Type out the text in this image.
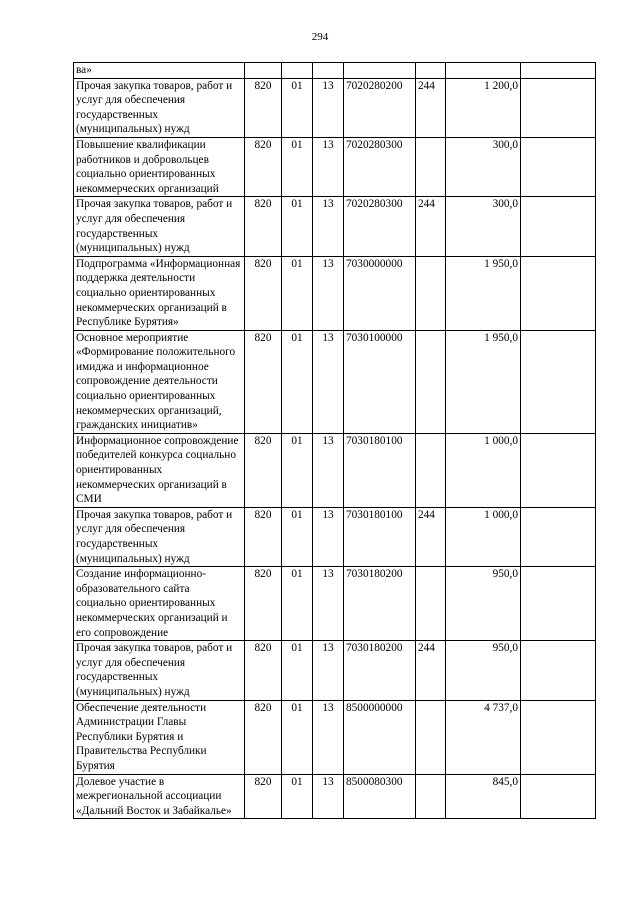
294
ва»							

Прочая закупка товаров, работ и услуг для обеспечения государственных (муниципальных) нужд	820	01	13	7020280200	244	1 200,0	

Повышение квалификации работников и добровольцев социально ориентированных некоммерческих организаций	820	01	13	7020280300		300,0	

Прочая закупка товаров, работ и услуг для обеспечения государственных (муниципальных) нужд	820	01	13	7020280300	244	300,0	

Подпрограмма «Информационная поддержка деятельности социально ориентированных некоммерческих организаций в Республике Бурятия»	820	01	13	7030000000		1 950,0	

Основное мероприятие «Формирование положительного имиджа и информационное сопровождение деятельности социально ориентированных некоммерческих организаций, гражданских инициатив»	820	01	13	7030100000		1 950,0	

Информационное сопровождение победителей конкурса социально ориентированных некоммерческих организаций в СМИ	820	01	13	7030180100		1 000,0	

Прочая закупка товаров, работ и услуг для обеспечения государственных (муниципальных) нужд	820	01	13	7030180100	244	1 000,0	

Создание информационно-образовательного сайта социально ориентированных некоммерческих организаций и его сопровождение	820	01	13	7030180200		950,0	

Прочая закупка товаров, работ и услуг для обеспечения государственных (муниципальных) нужд	820	01	13	7030180200	244	950,0	

Обеспечение деятельности Администрации Главы Республики Бурятия и Правительства Республики Бурятия	820	01	13	8500000000		4 737,0	

Долевое участие в межрегиональной ассоциации «Дальний Восток и Забайкалье»	820	01	13	8500080300		845,0	
